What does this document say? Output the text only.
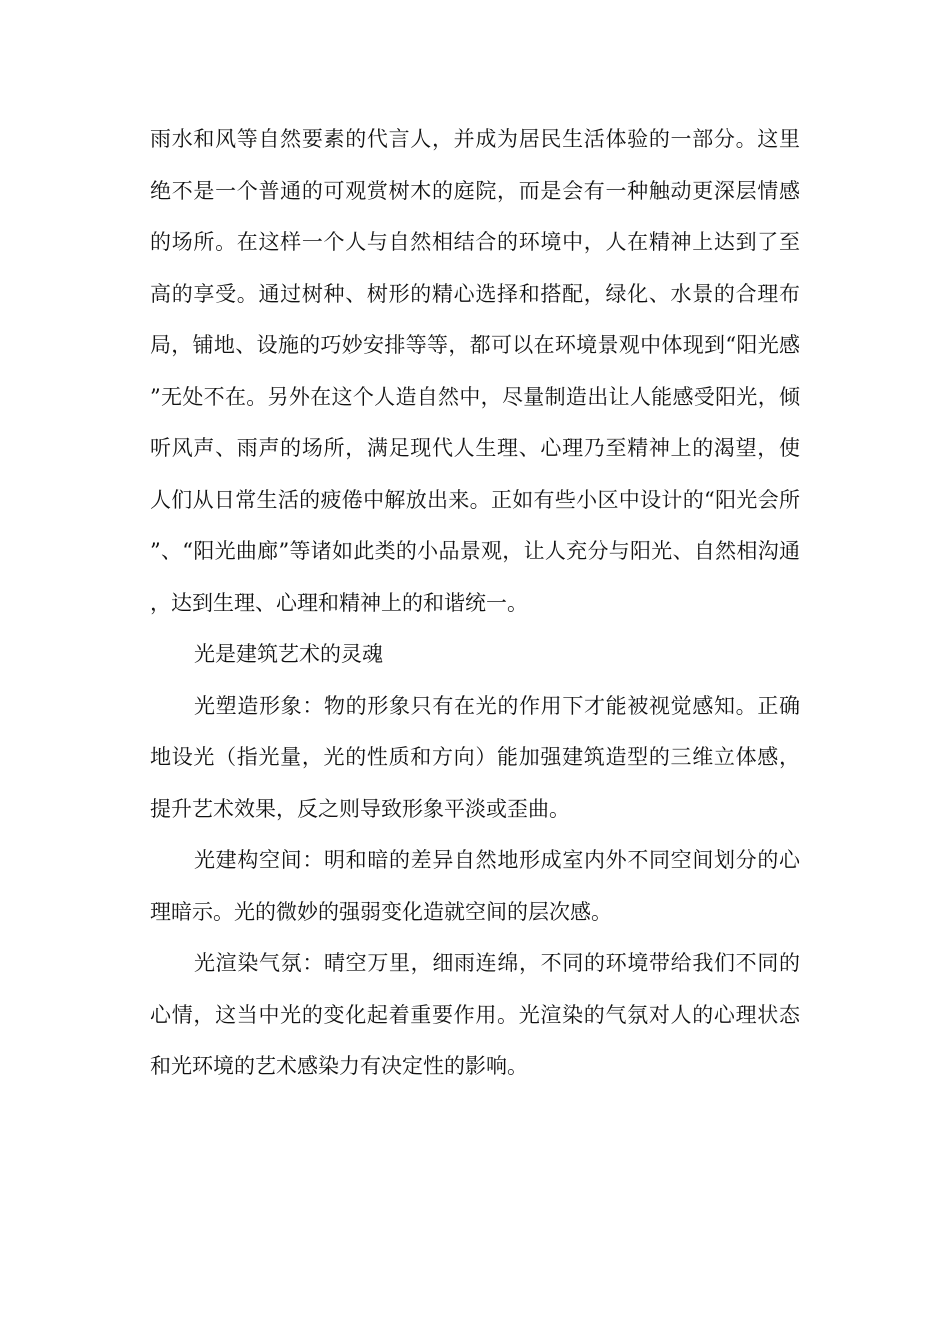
雨水和风等自然要素的代言人，并成为居民生活体验的一部分。这里绝不是一个普通的可观赏树木的庭院，而是会有一种触动更深层情感的场所。在这样一个人与自然相结合的环境中，人在精神上达到了至高的享受。通过树种、树形的精心选择和搭配，绿化、水景的合理布局，铺地、设施的巧妙安排等等，都可以在环境景观中体现到“阳光感”无处不在。另外在这个人造自然中，尽量制造出让人能感受阳光，倾听风声、雨声的场所，满足现代人生理、心理乃至精神上的渴望，使人们从日常生活的疲倦中解放出来。正如有些小区中设计的“阳光会所”、“阳光曲廊”等诸如此类的小品景观，让人充分与阳光、自然相沟通，达到生理、心理和精神上的和谐统一。

光是建筑艺术的灵魂

光塑造形象：物的形象只有在光的作用下才能被视觉感知。正确地设光（指光量，光的性质和方向）能加强建筑造型的三维立体感，提升艺术效果，反之则导致形象平淡或歪曲。

光建构空间：明和暗的差异自然地形成室内外不同空间划分的心理暗示。光的微妙的强弱变化造就空间的层次感。

光渲染气氛：晴空万里，细雨连绵，不同的环境带给我们不同的心情，这当中光的变化起着重要作用。光渲染的气氛对人的心理状态和光环境的艺术感染力有决定性的影响。
